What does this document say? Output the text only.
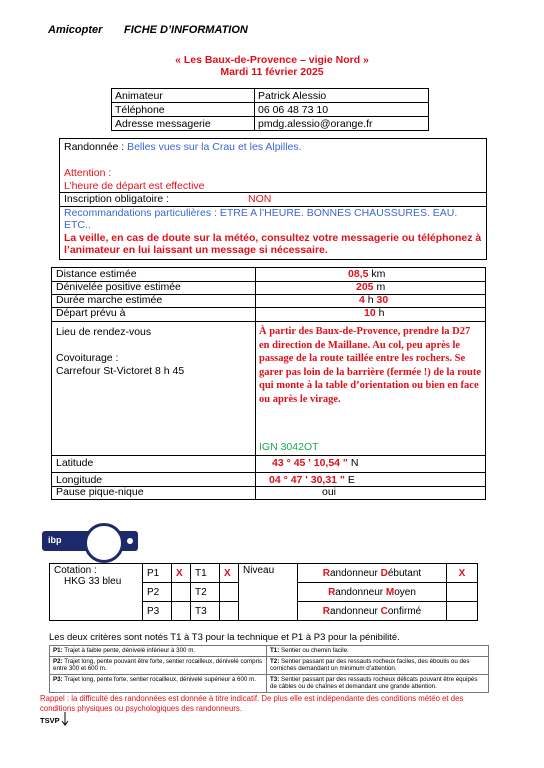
Amicopter FICHE D’INFORMATION
« Les Baux-de-Provence – vigie Nord »
Mardi 11 février 2025
Animateur	Patrick Alessio
Téléphone	06 06 48 73 10
Adresse messagerie	pmdg.alessio@orange.fr
Randonnée : Belles vues sur la Crau et les Alpilles.
Attention :
L’heure de départ est effective
Inscription obligatoire :	NON
Recommandations particulières : ETRE A l’HEURE. BONNES CHAUSSURES. EAU. ETC..
La veille, en cas de doute sur la météo, consultez votre messagerie ou téléphonez à l’animateur en lui laissant un message si nécessaire.
Distance estimée	08,5 km
Dénivelée positive estimée	205 m
Durée marche estimée	4 h 30
Départ prévu à	10 h
Lieu de rendez-vous
Covoiturage :
Carrefour St-Victoret 8 h 45
À partir des Baux-de-Provence, prendre la D27 en direction de Maillane. Au col, peu après le passage de la route taillée entre les rochers. Se garer pas loin de la barrière (fermée !) de la route qui monte à la table d’orientation ou bien en face ou après le virage.
IGN 3042OT
Latitude	43 ° 45 ' 10,54 " N
Longitude	04 ° 47 ' 30,31 " E
Pause pique-nique	oui
ibp
Cotation :
HKG 33 bleu	P1	X	T1	X	Niveau	Randonneur Débutant	X
	P2		T2			Randonneur Moyen	
	P3		T3			Randonneur Confirmé	
Les deux critères sont notés T1 à T3 pour la technique et P1 à P3 pour la pénibilité.
P1: Trajet à faible pente, dénivelé inférieur à 300 m.	T1: Sentier ou chemin facile.
P2: Trajet long, pente pouvant être forte, sentier rocailleux, dénivelé compris entre 300 et 600 m.	T2: Sentier passant par des ressauts rocheux faciles, des éboulis ou des corniches demandant un minimum d’attention.
P3: Trajet long, pente forte, sentier rocailleux, dénivelé supérieur à 600 m.	T3: Sentier passant par des ressauts rocheux délicats pouvant être équipés de câbles ou de chaînes et demandant une grande attention.
Rappel : la difficulté des randonnées est donnée à titre indicatif. De plus elle est indépendante des conditions météo et des conditions physiques ou psychologiques des randonneurs.
TSVP
